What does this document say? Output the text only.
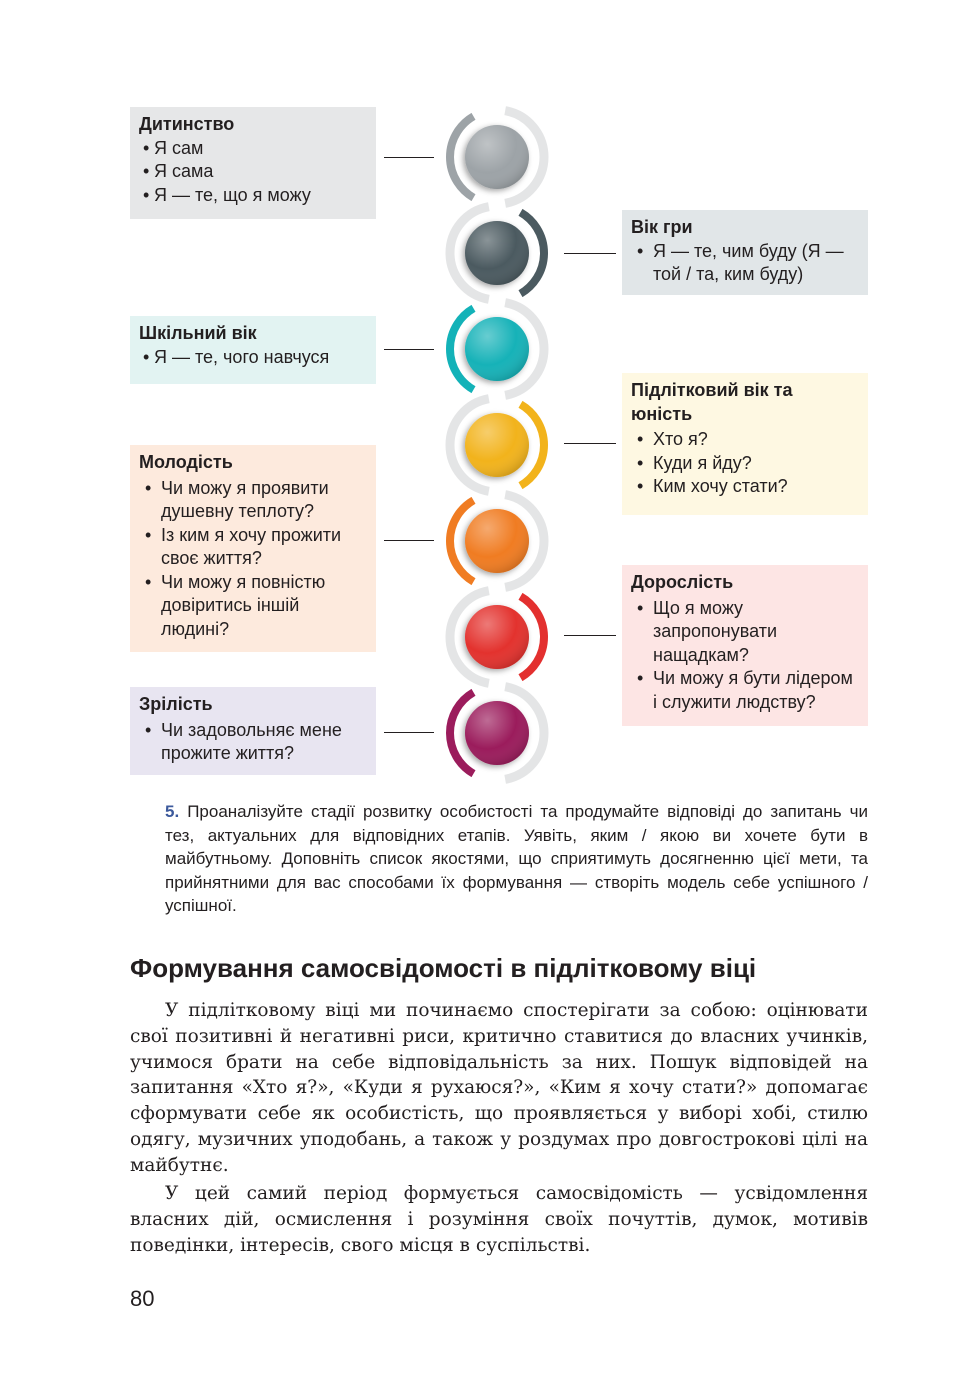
Дитинство
• Я сам
• Я сама
• Я — те, що я можу
Вік гри
• Я — те, чим буду (Я — той / та, ким буду)
Шкільний вік
• Я — те, чого навчуся
Підлітковий вік та юність
• Хто я?
• Куди я йду?
• Ким хочу стати?
Молодість
• Чи можу я проявити душевну теплоту?
• Із ким я хочу прожити своє життя?
• Чи можу я повністю довіритись іншій людині?
Дорослість
• Що я можу запропонувати нащадкам?
• Чи можу я бути лідером і служити людству?
Зрілість
• Чи задовольняє мене прожите життя?
5. Проаналізуйте стадії розвитку особистості та продумайте відповіді до запитань чи тез, актуальних для відповідних етапів. Уявіть, яким / якою ви хочете бути в майбутньому. Доповніть список якостями, що сприятимуть досягненню цієї мети, та прийнятними для вас способами їх формування — створіть модель себе успішного / успішної.
Формування самосвідомості в підлітковому віці

У підлітковому віці ми починаємо спостерігати за собою: оцінювати свої позитивні й негативні риси, критично ставитися до власних учинків, учимося брати на себе відповідальність за них. Пошук відповідей на запитання «Хто я?», «Куди я рухаюся?», «Ким я хочу стати?» допомагає сформувати себе як особистість, що проявляється у виборі хобі, стилю одягу, музичних уподобань, а також у роздумах про довгострокові цілі на майбутнє.

У цей самий період формується самосвідомість — усвідомлення власних дій, осмислення і розуміння своїх почуттів, думок, мотивів поведінки, інтересів, свого місця в суспільстві.

80
